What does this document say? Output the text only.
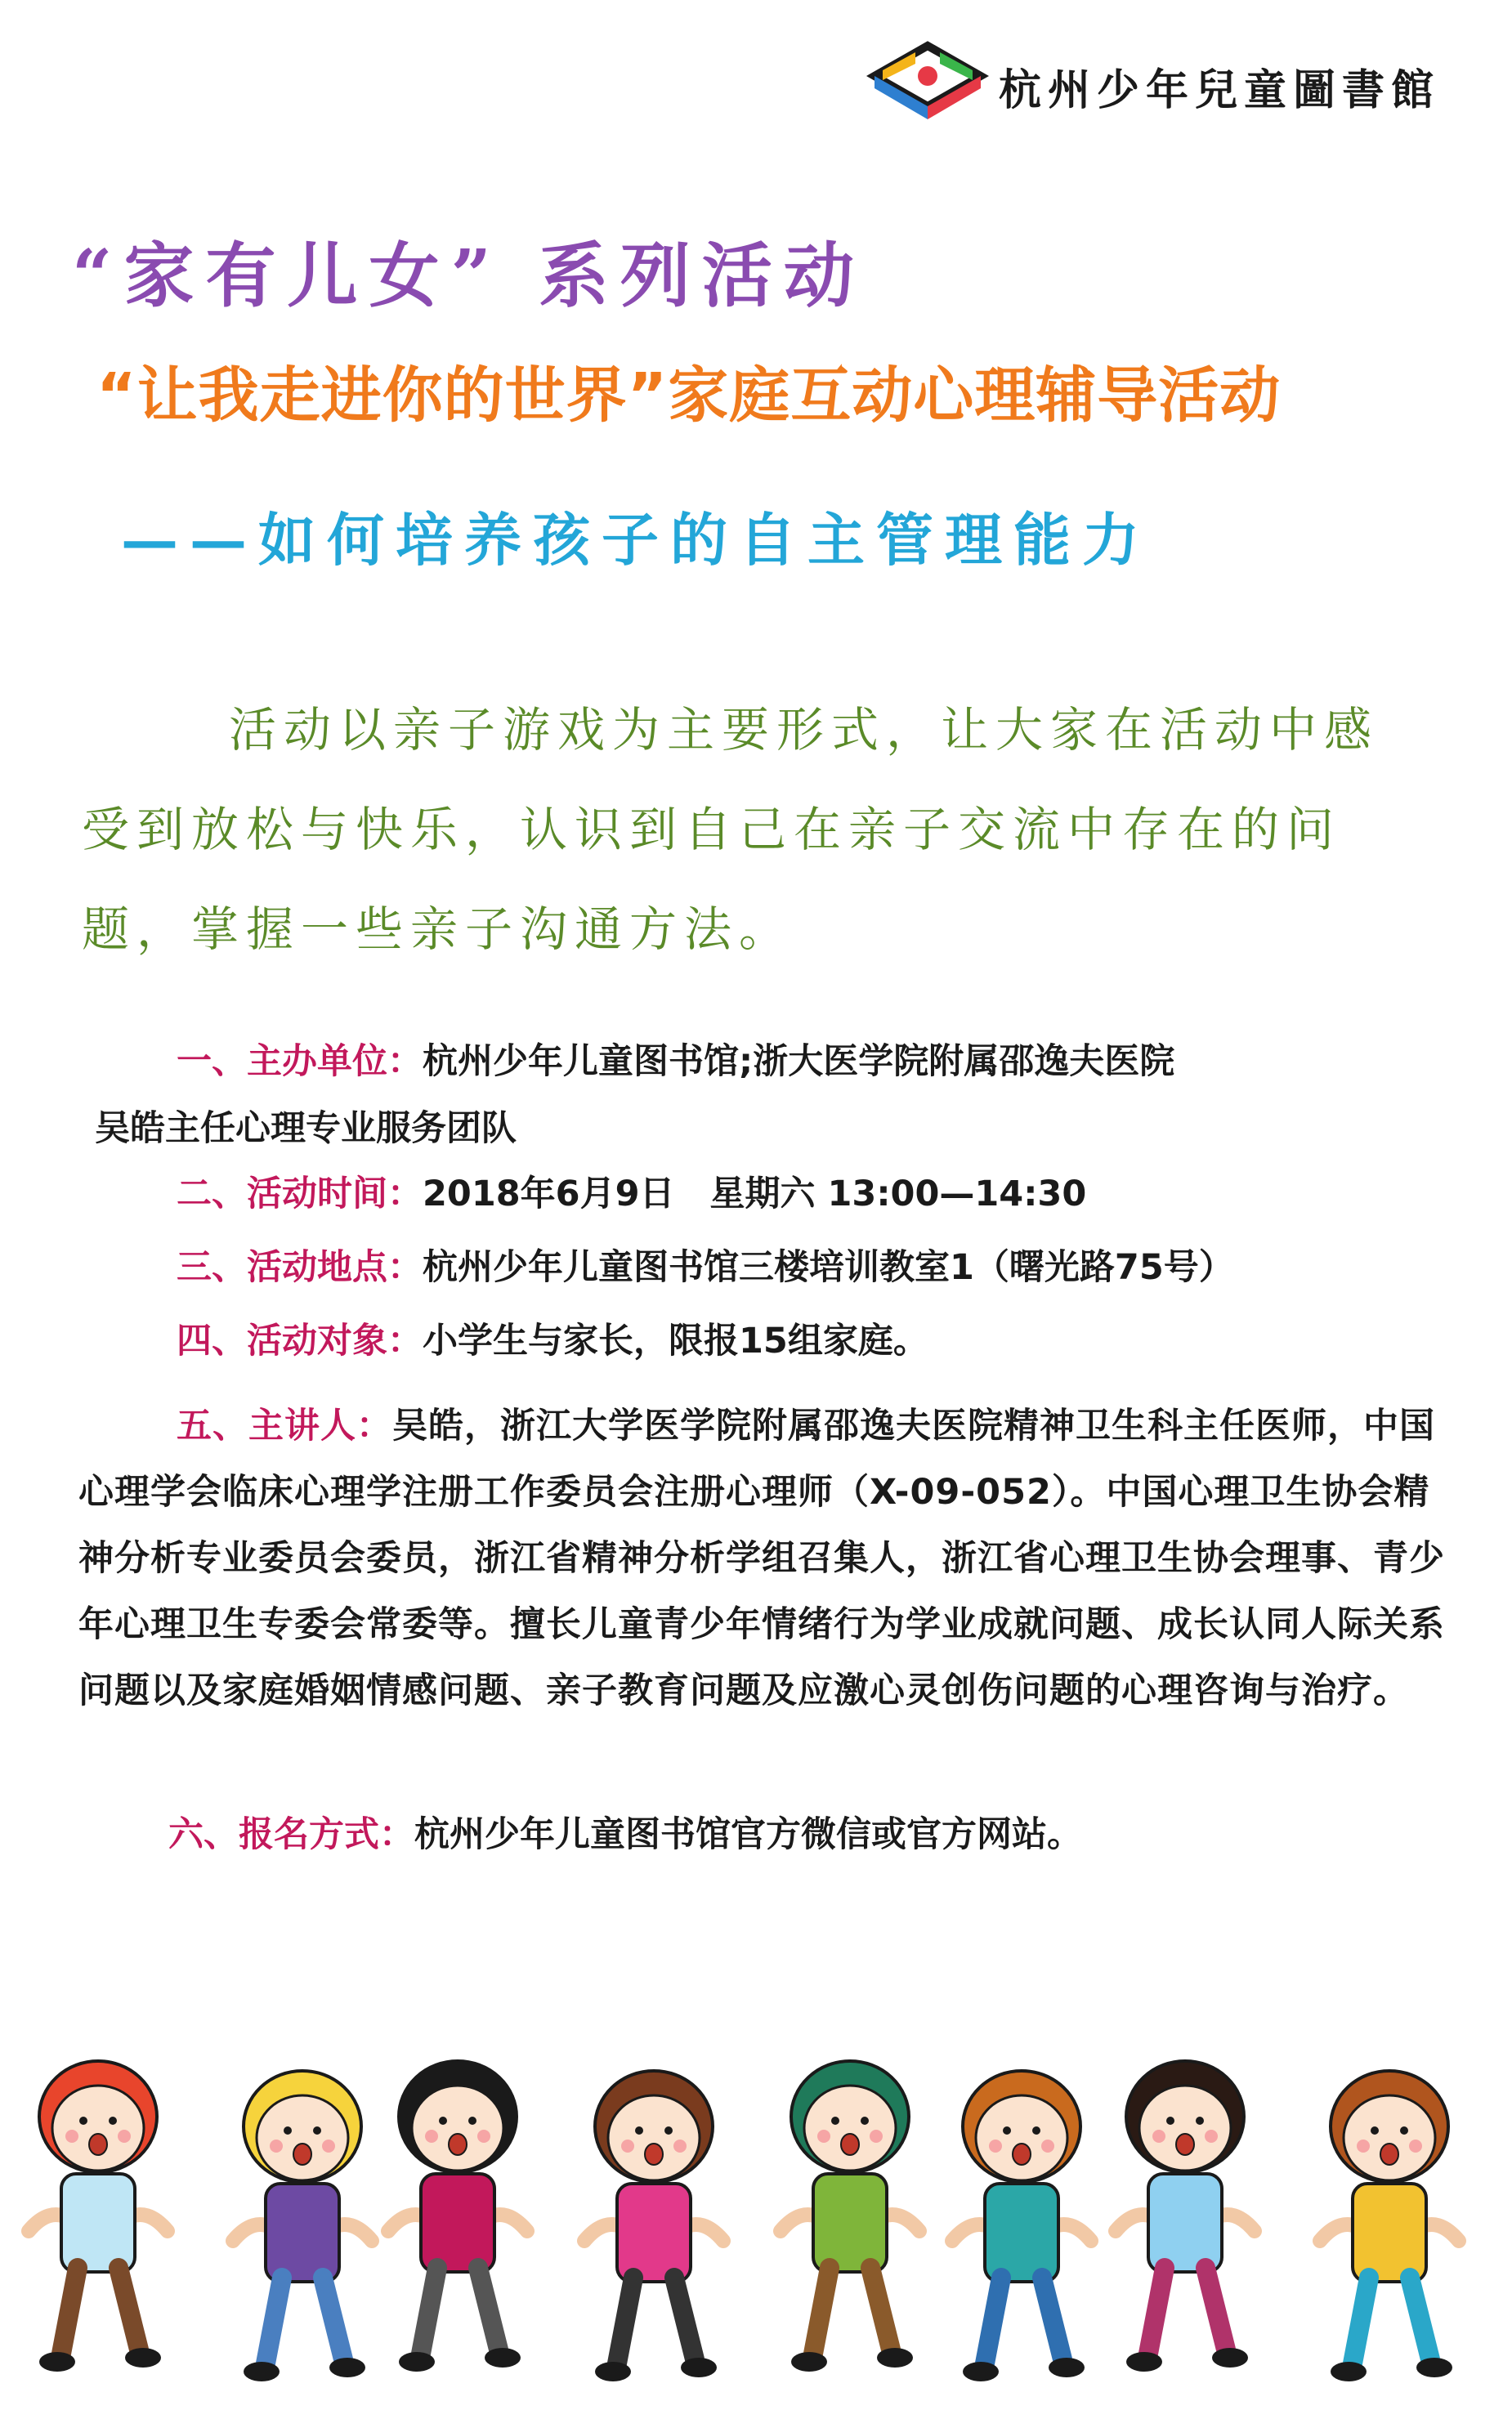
杭州少年兒童圖書館
“家有儿女” 系列活动
“让我走进你的世界”家庭互动心理辅导活动
——如何培养孩子的自主管理能力
活动以亲子游戏为主要形式，让大家在活动中感受到放松与快乐，认识到自己在亲子交流中存在的问题，掌握一些亲子沟通方法。
一、主办单位：杭州少年儿童图书馆;浙大医学院附属邵逸夫医院
吴皓主任心理专业服务团队
二、活动时间：2018年6月9日　星期六 13:00—14:30
三、活动地点：杭州少年儿童图书馆三楼培训教室1（曙光路75号）
四、活动对象：小学生与家长，限报15组家庭。
五、主讲人：吴皓，浙江大学医学院附属邵逸夫医院精神卫生科主任医师，中国心理学会临床心理学注册工作委员会注册心理师（X-09-052）。中国心理卫生协会精神分析专业委员会委员，浙江省精神分析学组召集人，浙江省心理卫生协会理事、青少年心理卫生专委会常委等。擅长儿童青少年情绪行为学业成就问题、成长认同人际关系问题以及家庭婚姻情感问题、亲子教育问题及应激心灵创伤问题的心理咨询与治疗。
六、报名方式：杭州少年儿童图书馆官方微信或官方网站。
